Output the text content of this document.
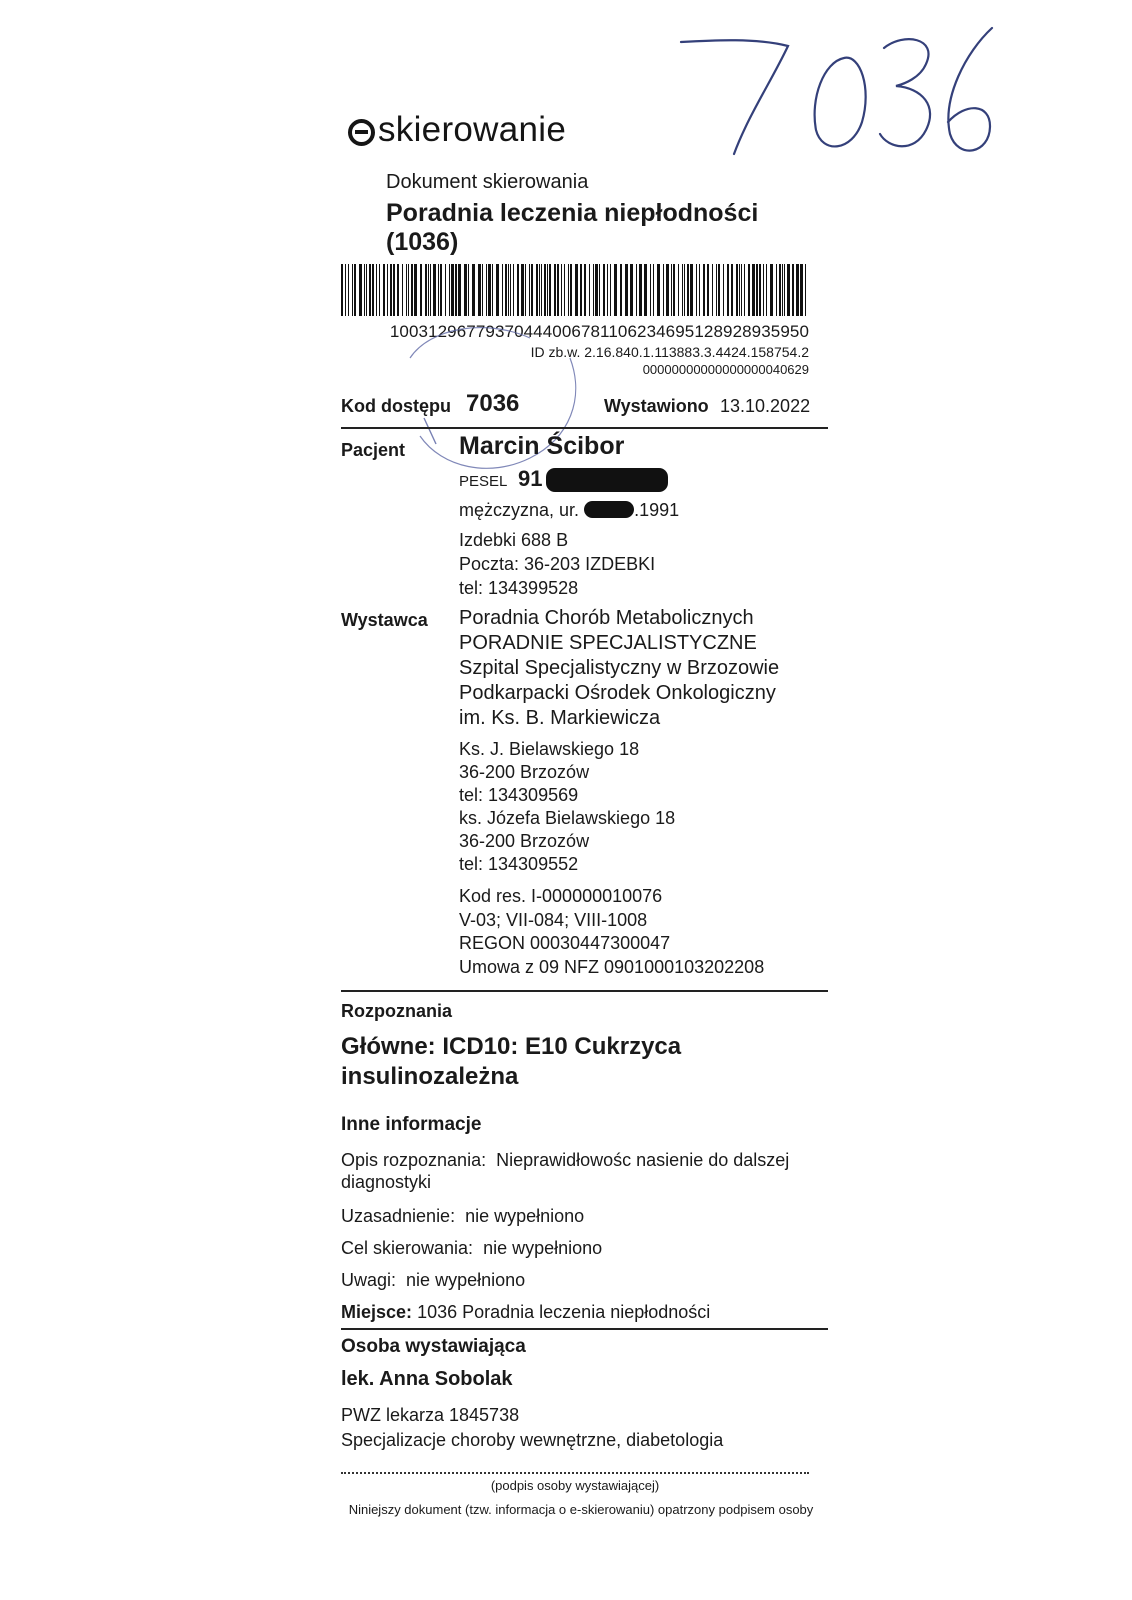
skierowanie
7036
Dokument skierowania
Poradnia leczenia niepłodności (1036)
10031296779370444006781106234695128928935950
ID zb.w. 2.16.840.1.113883.3.4424.158754.2
00000000000000000040629
Kod dostępu 7036	Wystawiono 13.10.2022
Pacjent Marcin Ścibor
PESEL 91
mężczyzna, ur.	.1991
Izdebki 688 B
Poczta: 36-203 IZDEBKI
tel: 134399528
Wystawca Poradnia Chorób Metabolicznych
PORADNIE SPECJALISTYCZNE
Szpital Specjalistyczny w Brzozowie
Podkarpacki Ośrodek Onkologiczny
im. Ks. B. Markiewicza
Ks. J. Bielawskiego 18
36-200 Brzozów
tel: 134309569
ks. Józefa Bielawskiego 18
36-200 Brzozów
tel: 134309552
Kod res. I-000000010076
V-03; VII-084; VIII-1008
REGON 00030447300047
Umowa z 09 NFZ 0901000103202208
Rozpoznania
Główne: ICD10: E10 Cukrzyca insulinozależna
Inne informacje
Opis rozpoznania: Nieprawidłowośc nasienie do dalszej diagnostyki
Uzasadnienie: nie wypełniono
Cel skierowania: nie wypełniono
Uwagi: nie wypełniono
Miejsce: 1036 Poradnia leczenia niepłodności
Osoba wystawiająca
lek. Anna Sobolak
PWZ lekarza 1845738
Specjalizacje choroby wewnętrzne, diabetologia
(podpis osoby wystawiającej)
Niniejszy dokument (tzw. informacja o e-skierowaniu) opatrzony podpisem osoby
